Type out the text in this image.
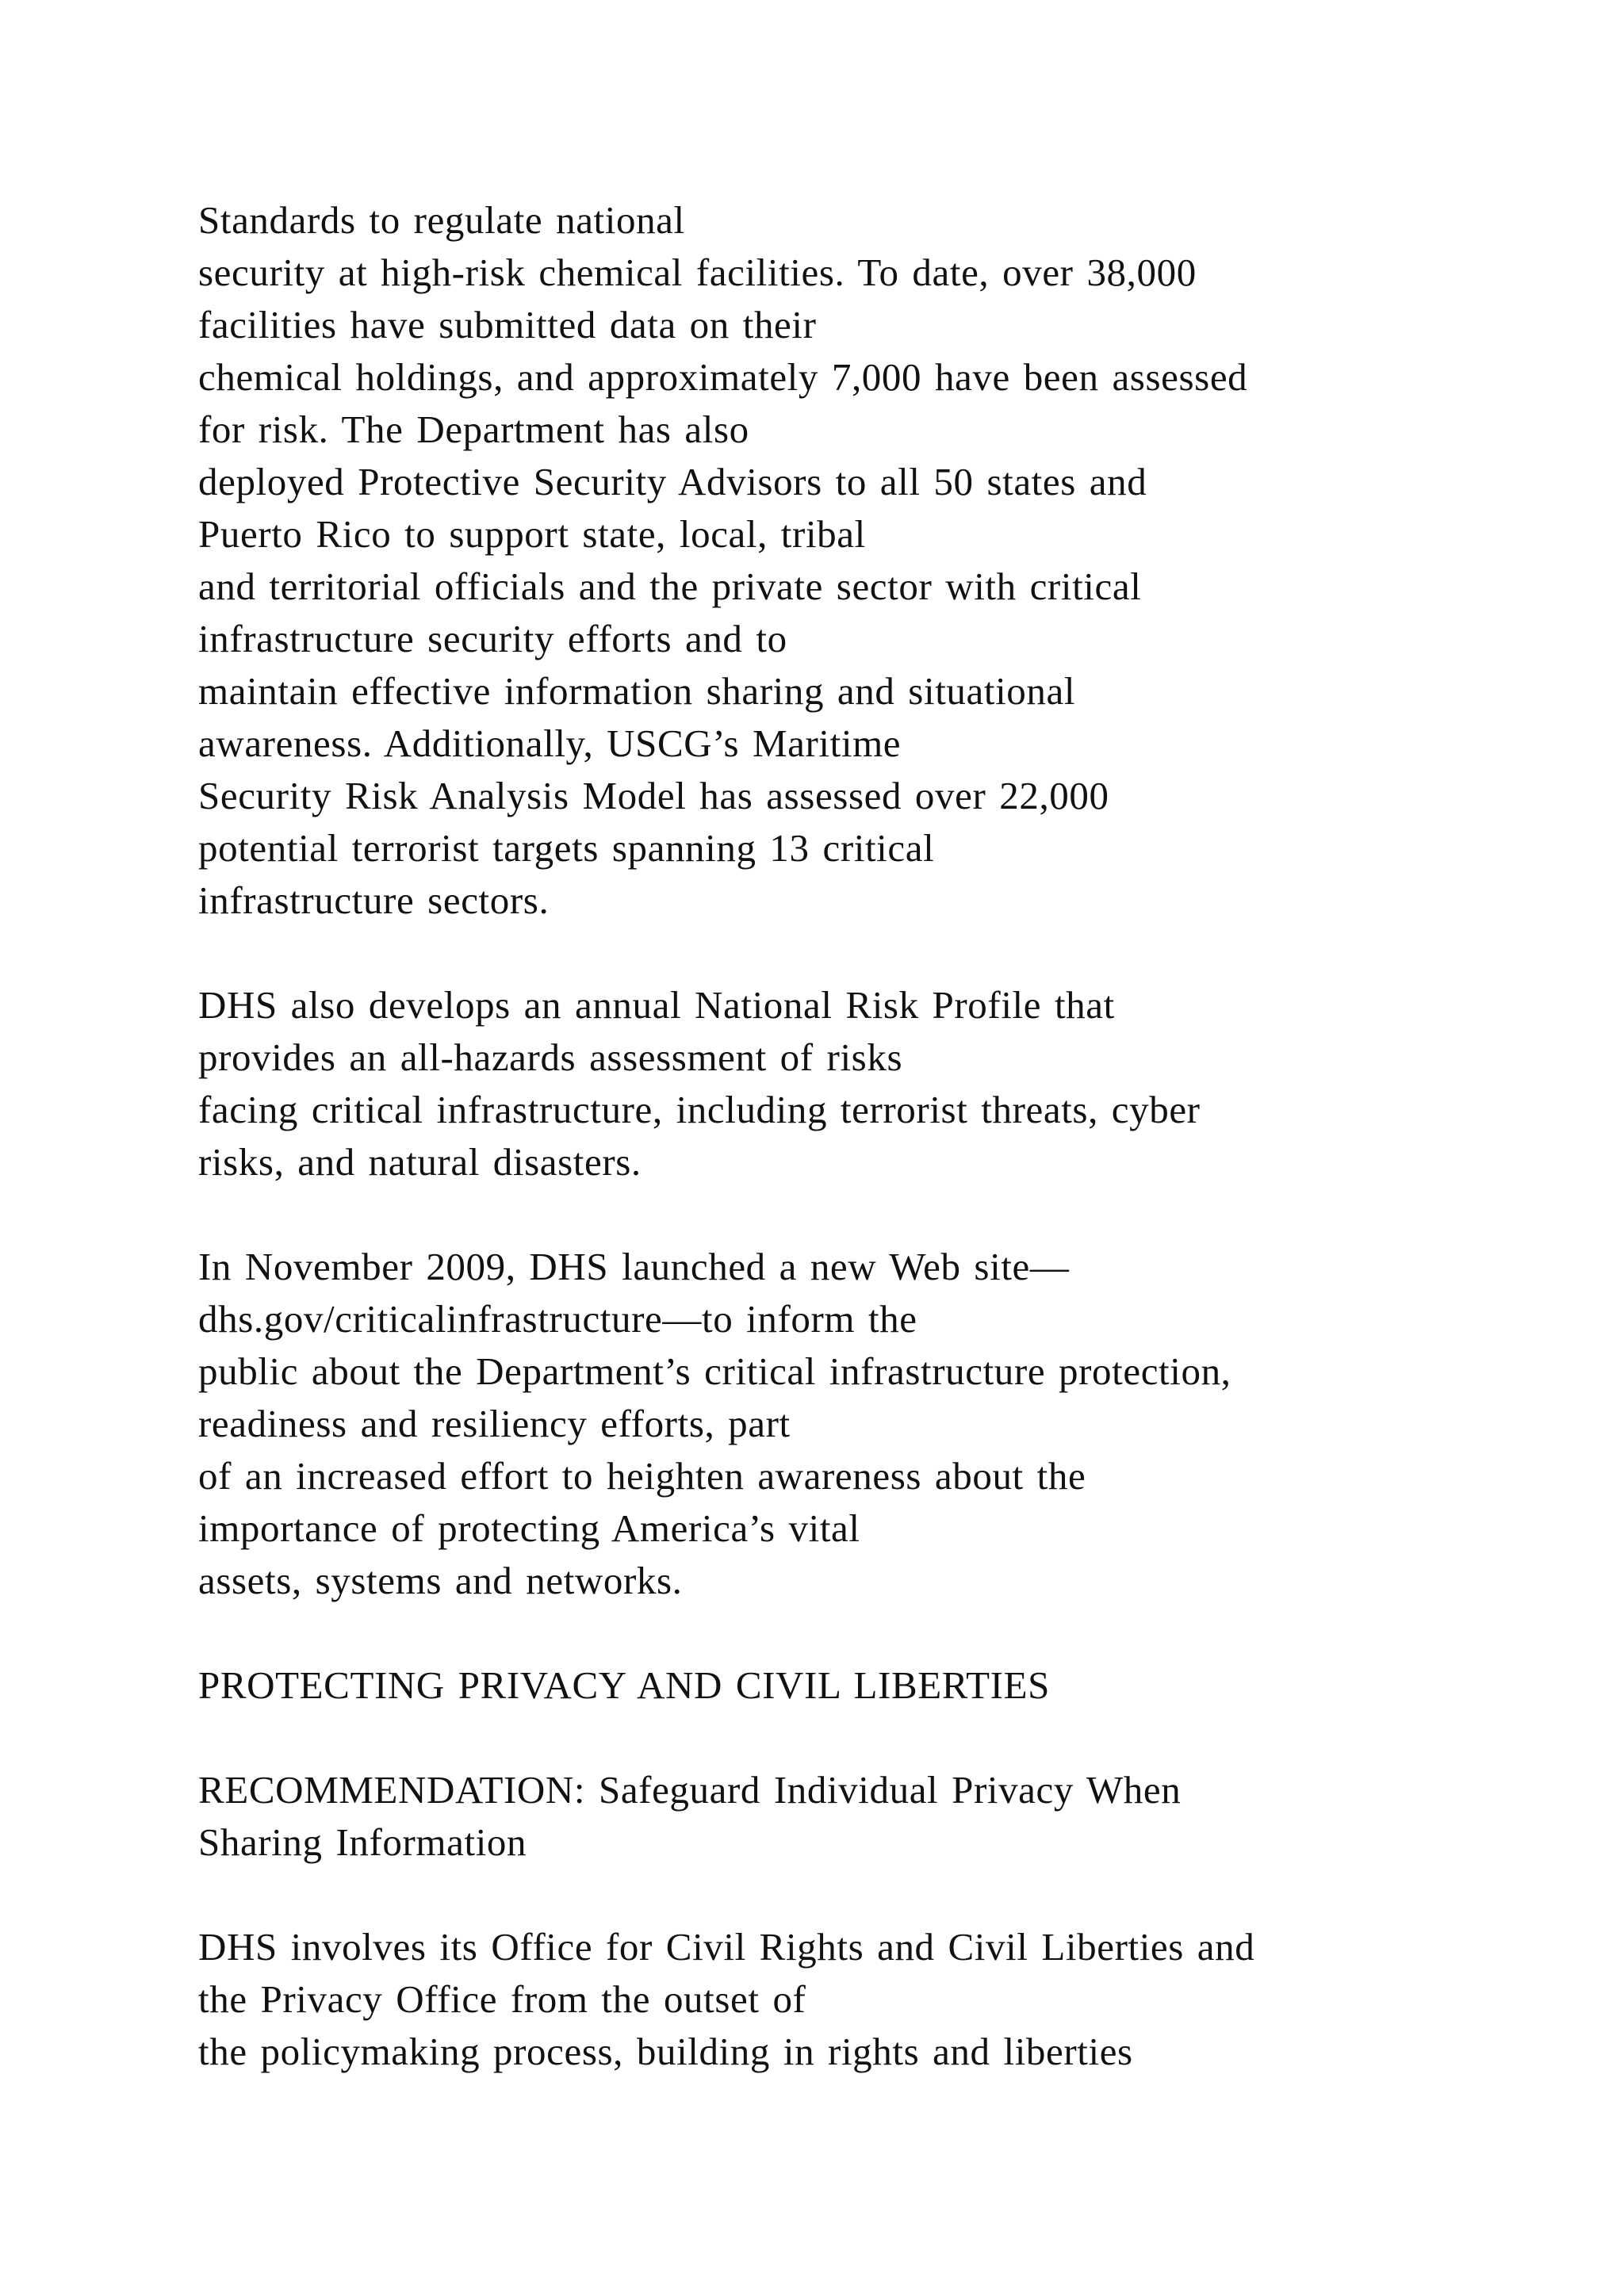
Standards to regulate national
security at high-risk chemical facilities. To date, over 38,000
facilities have submitted data on their
chemical holdings, and approximately 7,000 have been assessed
for risk. The Department has also
deployed Protective Security Advisors to all 50 states and
Puerto Rico to support state, local, tribal
and territorial officials and the private sector with critical
infrastructure security efforts and to
maintain effective information sharing and situational
awareness. Additionally, USCG’s Maritime
Security Risk Analysis Model has assessed over 22,000
potential terrorist targets spanning 13 critical
infrastructure sectors.
DHS also develops an annual National Risk Profile that
provides an all-hazards assessment of risks
facing critical infrastructure, including terrorist threats, cyber
risks, and natural disasters.
In November 2009, DHS launched a new Web site—
dhs.gov/criticalinfrastructure—to inform the
public about the Department’s critical infrastructure protection,
readiness and resiliency efforts, part
of an increased effort to heighten awareness about the
importance of protecting America’s vital
assets, systems and networks.
PROTECTING PRIVACY AND CIVIL LIBERTIES
RECOMMENDATION: Safeguard Individual Privacy When
Sharing Information
DHS involves its Office for Civil Rights and Civil Liberties and
the Privacy Office from the outset of
the policymaking process, building in rights and liberties
